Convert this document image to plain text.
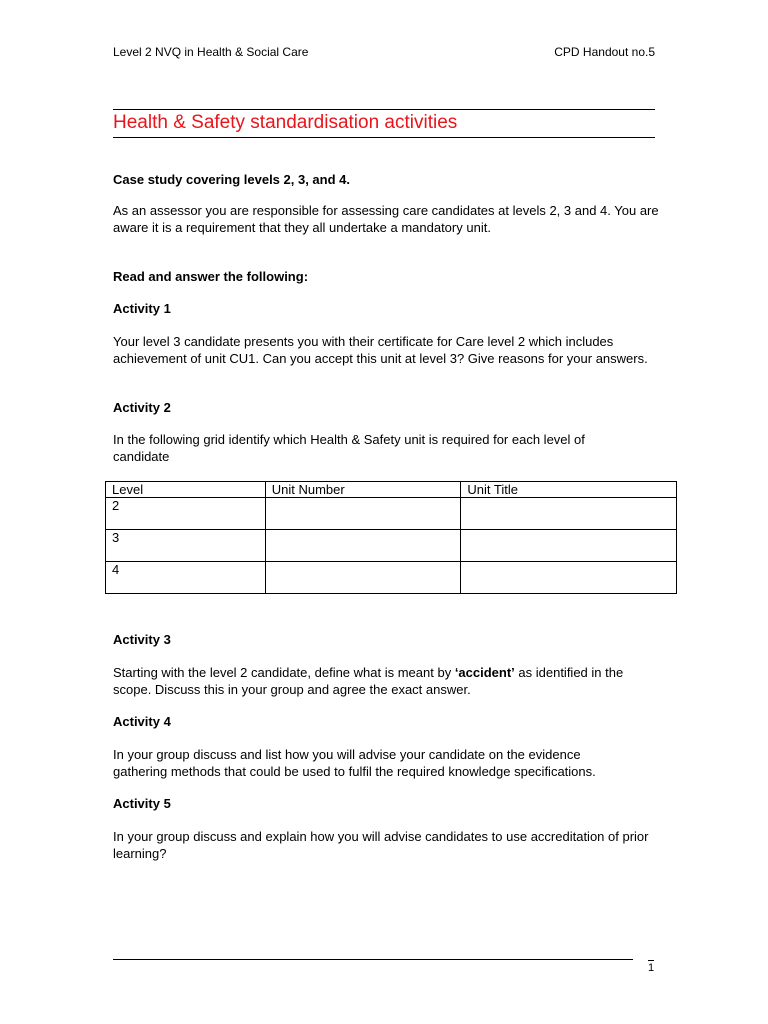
Level 2 NVQ in Health & Social Care	CPD Handout no.5
Health & Safety standardisation activities
Case study covering levels 2, 3, and 4.
As an assessor you are responsible for assessing care candidates at levels 2, 3 and 4. You are aware it is a requirement that they all undertake a mandatory unit.
Read and answer the following:
Activity 1
Your level 3 candidate presents you with their certificate for Care level 2 which includes achievement of unit CU1. Can you accept this unit at level 3? Give reasons for your answers.
Activity 2
In the following grid identify which Health & Safety unit is required for each level of candidate
Level	Unit Number	Unit Title
2		
3		
4		
Activity 3
Starting with the level 2 candidate, define what is meant by ‘accident’ as identified in the scope. Discuss this in your group and agree the exact answer.
Activity 4
In your group discuss and list how you will advise your candidate on the evidence gathering methods that could be used to fulfil the required knowledge specifications.
Activity 5
In your group discuss and explain how you will advise candidates to use accreditation of prior learning?
1
